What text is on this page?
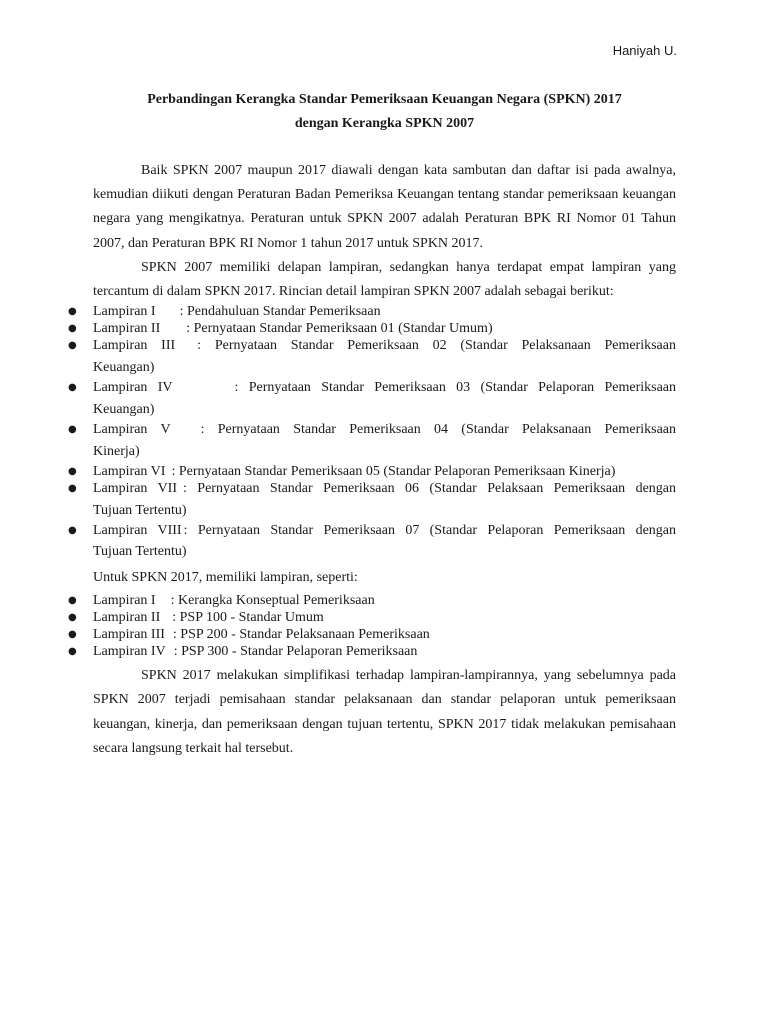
Haniyah U.
Perbandingan Kerangka Standar Pemeriksaan Keuangan Negara (SPKN) 2017
dengan Kerangka SPKN 2007

Baik SPKN 2007 maupun 2017 diawali dengan kata sambutan dan daftar isi pada awalnya, kemudian diikuti dengan Peraturan Badan Pemeriksa Keuangan tentang standar pemeriksaan keuangan negara yang mengikatnya. Peraturan untuk SPKN 2007 adalah Peraturan BPK RI Nomor 01 Tahun 2007, dan Peraturan BPK RI Nomor 1 tahun 2017 untuk SPKN 2017.

SPKN 2007 memiliki delapan lampiran, sedangkan hanya terdapat empat lampiran yang tercantum di dalam SPKN 2017. Rincian detail lampiran SPKN 2007 adalah sebagai berikut:

● Lampiran I : Pendahuluan Standar Pemeriksaan
● Lampiran II : Pernyataan Standar Pemeriksaan 01 (Standar Umum)
● Lampiran III : Pernyataan Standar Pemeriksaan 02 (Standar Pelaksanaan Pemeriksaan
Keuangan)
● Lampiran IV	: Pernyataan Standar Pemeriksaan 03 (Standar Pelaporan Pemeriksaan
Keuangan)
● Lampiran V : Pernyataan Standar Pemeriksaan 04 (Standar Pelaksanaan Pemeriksaan
Kinerja)
● Lampiran VI : Pernyataan Standar Pemeriksaan 05 (Standar Pelaporan Pemeriksaan Kinerja)
● Lampiran VII : Pernyataan Standar Pemeriksaan 06 (Standar Pelaksaan Pemeriksaan dengan
Tujuan Tertentu)
● Lampiran VIII : Pernyataan Standar Pemeriksaan 07 (Standar Pelaporan Pemeriksaan dengan
Tujuan Tertentu)

Untuk SPKN 2017, memiliki lampiran, seperti:

● Lampiran I : Kerangka Konseptual Pemeriksaan
● Lampiran II : PSP 100 - Standar Umum
● Lampiran III : PSP 200 - Standar Pelaksanaan Pemeriksaan
● Lampiran IV : PSP 300 - Standar Pelaporan Pemeriksaan

SPKN 2017 melakukan simplifikasi terhadap lampiran-lampirannya, yang sebelumnya pada SPKN 2007 terjadi pemisahaan standar pelaksanaan dan standar pelaporan untuk pemeriksaan keuangan, kinerja, dan pemeriksaan dengan tujuan tertentu, SPKN 2017 tidak melakukan pemisahaan secara langsung terkait hal tersebut.
